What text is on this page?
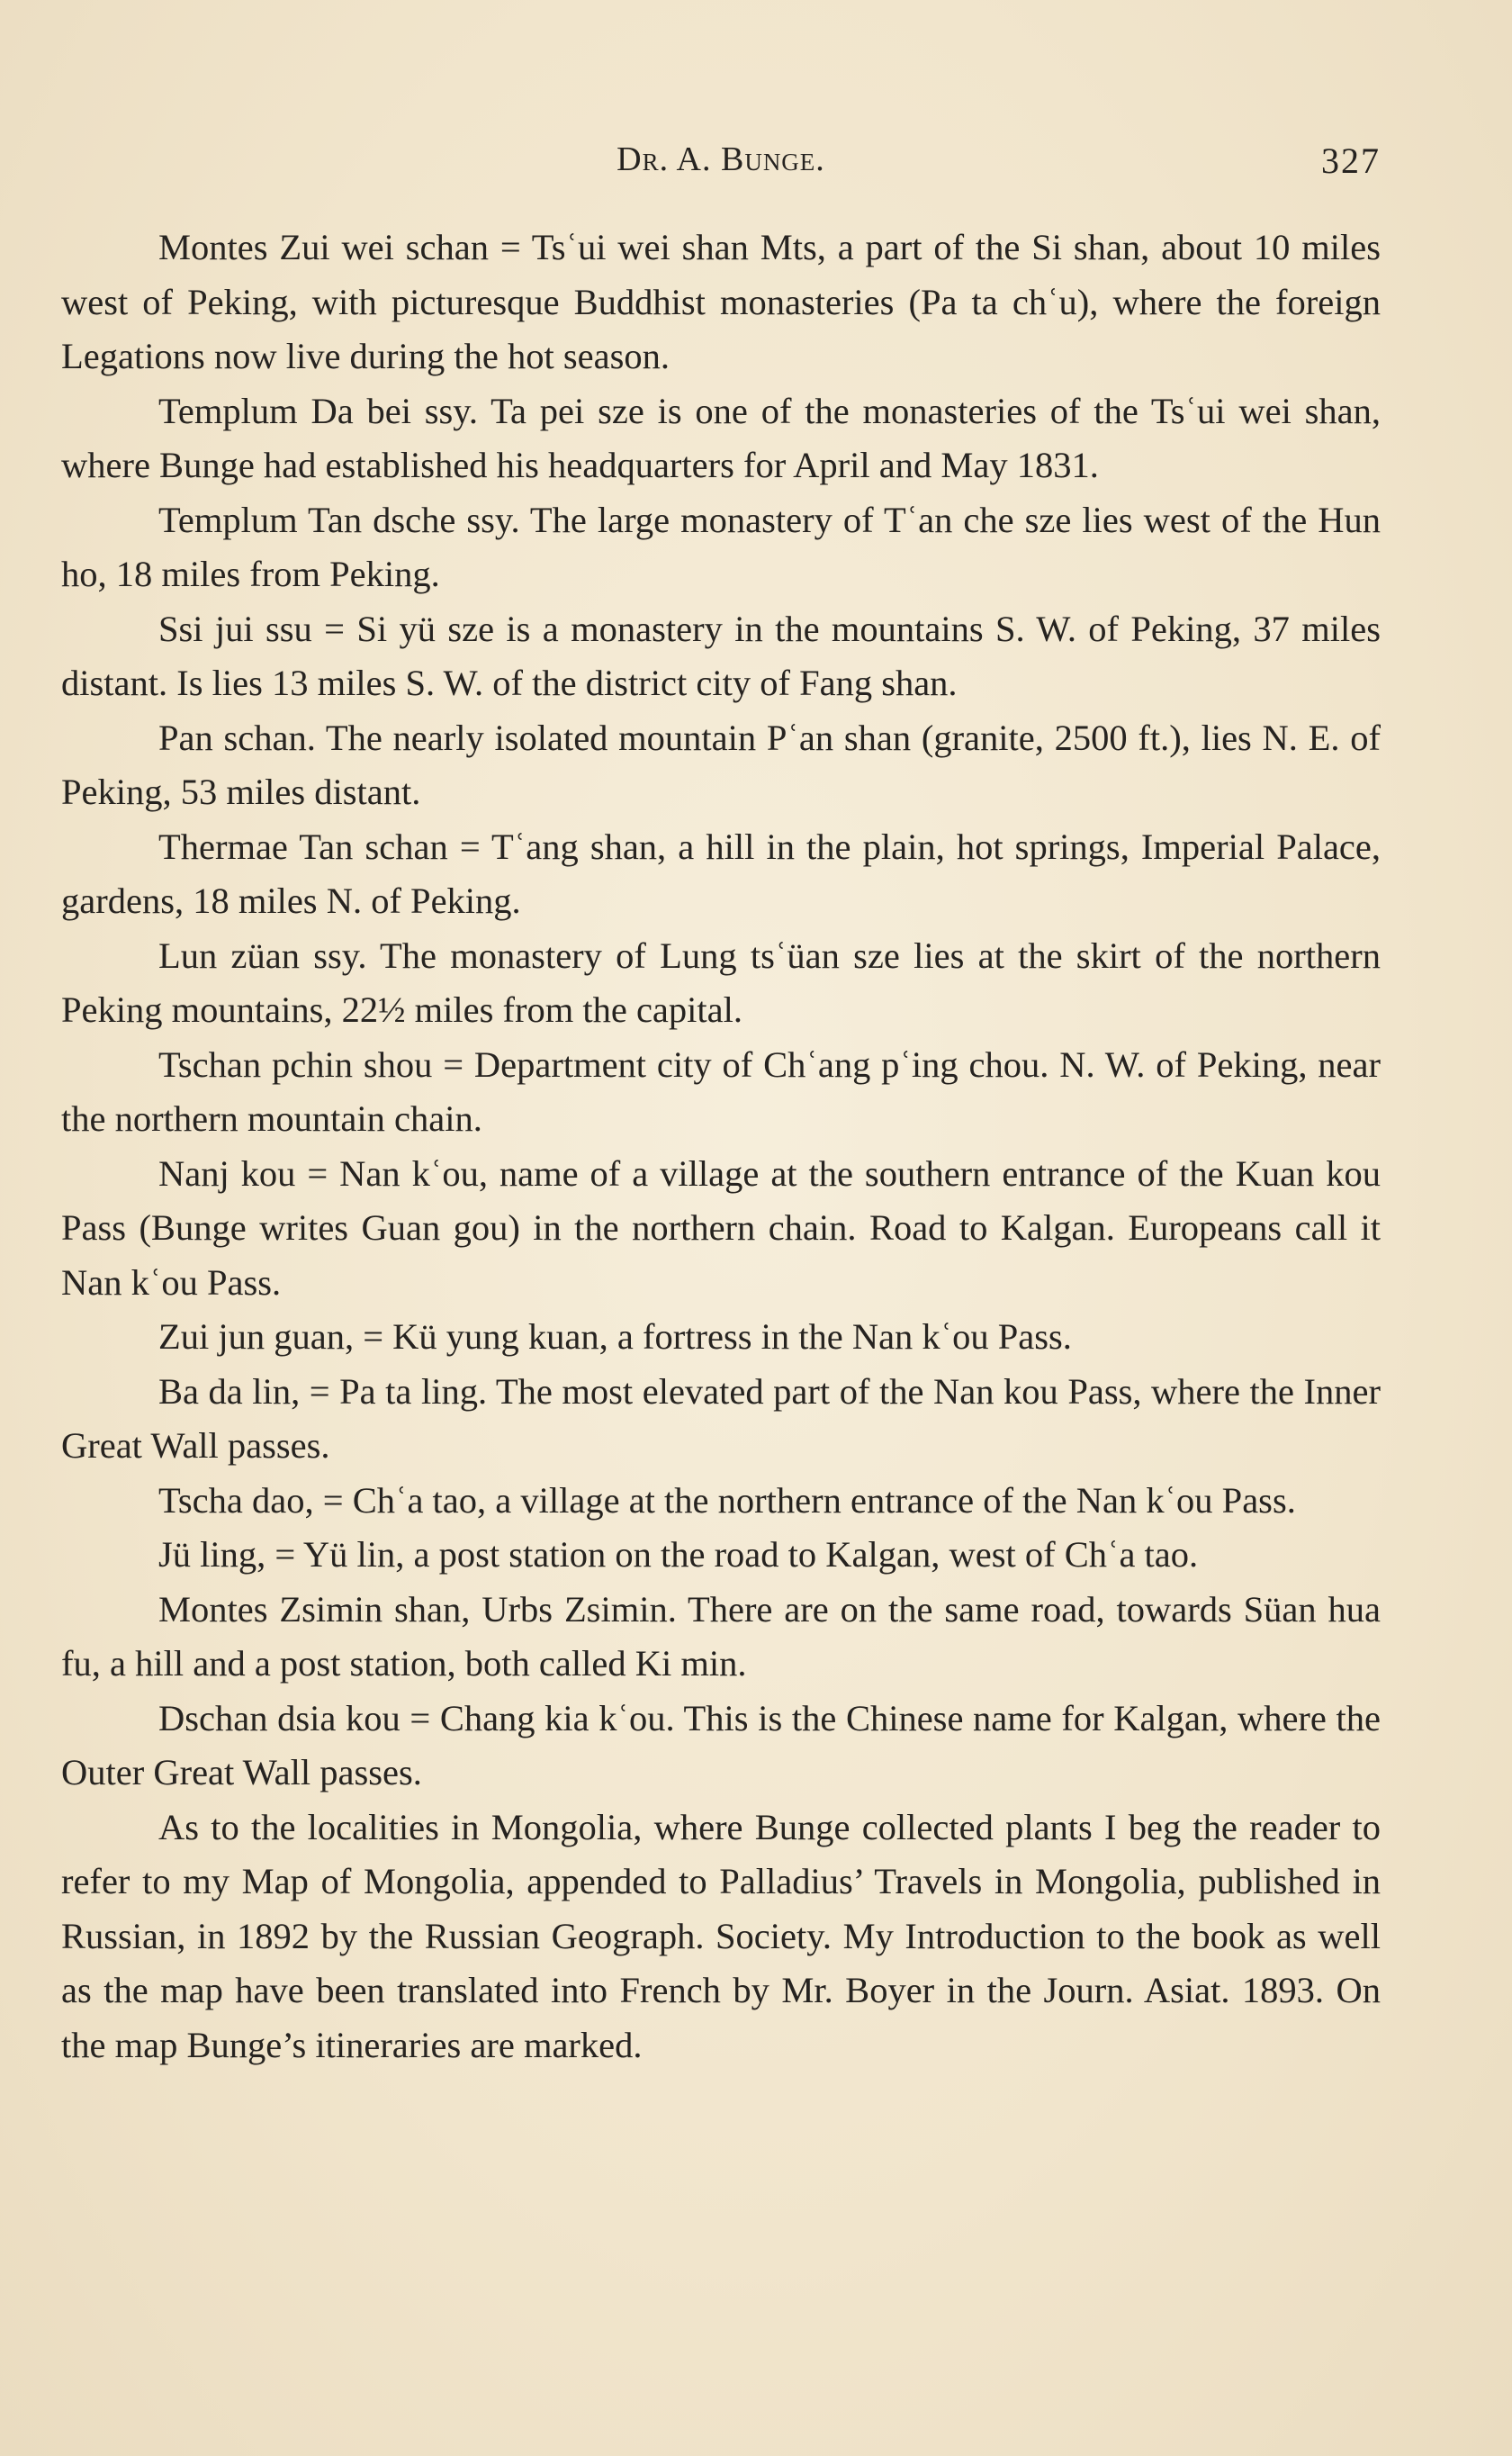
Dr. A. Bunge.	327

Montes Zui wei schan = Tsʿui wei shan Mts, a part of the Si shan, about 10 miles west of Peking, with picturesque Buddhist monasteries (Pa ta chʿu), where the foreign Legations now live during the hot season.

Templum Da bei ssy. Ta pei sze is one of the monasteries of the Tsʿui wei shan, where Bunge had established his headquarters for April and May 1831.

Templum Tan dsche ssy. The large monastery of Tʿan che sze lies west of the Hun ho, 18 miles from Peking.

Ssi jui ssu = Si yü sze is a monastery in the mountains S. W. of Peking, 37 miles distant. Is lies 13 miles S. W. of the district city of Fang shan.

Pan schan. The nearly isolated mountain Pʿan shan (granite, 2500 ft.), lies N. E. of Peking, 53 miles distant.

Thermae Tan schan = Tʿang shan, a hill in the plain, hot springs, Imperial Palace, gardens, 18 miles N. of Peking.

Lun züan ssy. The monastery of Lung tsʿüan sze lies at the skirt of the northern Peking mountains, 22½ miles from the capital.

Tschan pchin shou = Department city of Chʿang pʿing chou. N. W. of Peking, near the northern mountain chain.

Nanj kou = Nan kʿou, name of a village at the southern entrance of the Kuan kou Pass (Bunge writes Guan gou) in the northern chain. Road to Kalgan. Europeans call it Nan kʿou Pass.

Zui jun guan, = Kü yung kuan, a fortress in the Nan kʿou Pass.

Ba da lin, = Pa ta ling. The most elevated part of the Nan kou Pass, where the Inner Great Wall passes.

Tscha dao, = Chʿa tao, a village at the northern entrance of the Nan kʿou Pass.

Jü ling, = Yü lin, a post station on the road to Kalgan, west of Chʿa tao.

Montes Zsimin shan, Urbs Zsimin. There are on the same road, towards Süan hua fu, a hill and a post station, both called Ki min.

Dschan dsia kou = Chang kia kʿou. This is the Chinese name for Kalgan, where the Outer Great Wall passes.

As to the localities in Mongolia, where Bunge collected plants I beg the reader to refer to my Map of Mongolia, appended to Palladius’ Travels in Mongolia, published in Russian, in 1892 by the Russian Geograph. Society. My Introduction to the book as well as the map have been translated into French by Mr. Boyer in the Journ. Asiat. 1893. On the map Bunge’s itineraries are marked.
